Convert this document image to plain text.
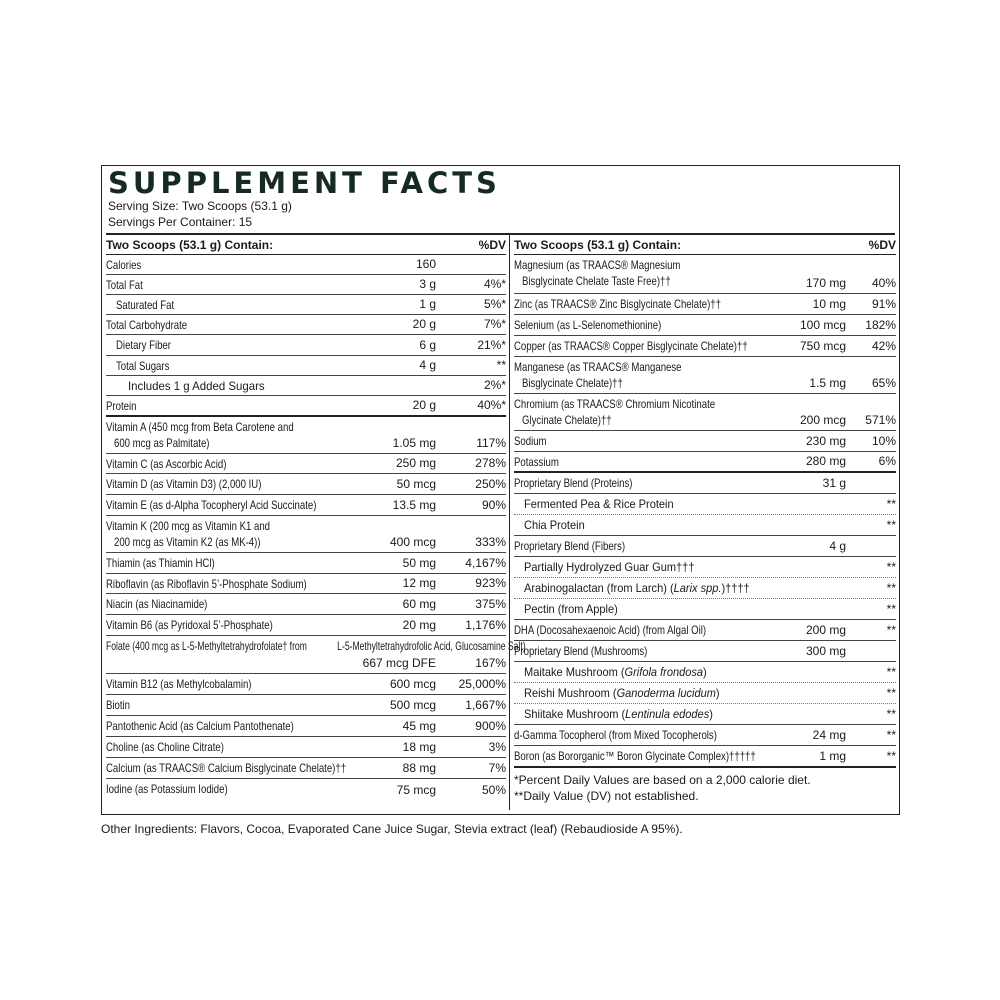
SUPPLEMENT FACTS
Serving Size: Two Scoops (53.1 g)
Servings Per Container: 15
Two Scoops (53.1 g) Contain:	%DV
Calories	160
Total Fat	3 g	4%*
Saturated Fat	1 g	5%*
Total Carbohydrate	20 g	7%*
Dietary Fiber	6 g	21%*
Total Sugars	4 g	**
Includes 1 g Added Sugars	2%*
Protein	20 g	40%*
Vitamin A (450 mcg from Beta Carotene and
600 mcg as Palmitate)	1.05 mg	117%
Vitamin C (as Ascorbic Acid)	250 mg	278%
Vitamin D (as Vitamin D3) (2,000 IU)	50 mcg	250%
Vitamin E (as d-Alpha Tocopheryl Acid Succinate)	13.5 mg	90%
Vitamin K (200 mcg as Vitamin K1 and
200 mcg as Vitamin K2 (as MK-4))	400 mcg	333%
Thiamin (as Thiamin HCl)	50 mg 4,167%
Riboflavin (as Riboflavin 5’-Phosphate Sodium)	12 mg	923%
Niacin (as Niacinamide)	60 mg	375%
Vitamin B6 (as Pyridoxal 5’-Phosphate)	20 mg 1,176%
Folate (400 mcg as L-5-Methyltetrahydrofolate† from	L-5-Methyltetrahydrofolic Acid, Glucosamine Salt)
667 mcg DFE	167%
Vitamin B12 (as Methylcobalamin)	600 mcg 25,000%
Biotin	500 mcg 1,667%
Pantothenic Acid (as Calcium Pantothenate)	45 mg	900%
Choline (as Choline Citrate)	18 mg	3%
Calcium (as TRAACS® Calcium Bisglycinate Chelate)††	88 mg	7%
Iodine (as Potassium Iodide)	75 mcg	50%
Two Scoops (53.1 g) Contain:	%DV
Magnesium (as TRAACS® Magnesium
Bisglycinate Chelate Taste Free)††	170 mg 40%
Zinc (as TRAACS® Zinc Bisglycinate Chelate)††	10 mg 91%
Selenium (as L-Selenomethionine)	100 mcg 182%
Copper (as TRAACS® Copper Bisglycinate Chelate)††	750 mcg 42%
Manganese (as TRAACS® Manganese
Bisglycinate Chelate)††	1.5 mg 65%
Chromium (as TRAACS® Chromium Nicotinate
Glycinate Chelate)††	200 mcg 571%
Sodium	230 mg 10%
Potassium	280 mg	6%
Proprietary Blend (Proteins)	31 g
Fermented Pea & Rice Protein	**
Chia Protein	**
Proprietary Blend (Fibers)	4 g
Partially Hydrolyzed Guar Gum†††	**
Arabinogalactan (from Larch) (Larix spp.)††††	**
Pectin (from Apple)	**
DHA (Docosahexaenoic Acid) (from Algal Oil)	200 mg	**
Proprietary Blend (Mushrooms)	300 mg
Maitake Mushroom (Grifola frondosa)	**
Reishi Mushroom (Ganoderma lucidum)	**
Shiitake Mushroom (Lentinula edodes)	**
d-Gamma Tocopherol (from Mixed Tocopherols)	24 mg	**
Boron (as Bororganic™ Boron Glycinate Complex)†††††	1 mg	**
*Percent Daily Values are based on a 2,000 calorie diet.
**Daily Value (DV) not established.
Other Ingredients: Flavors, Cocoa, Evaporated Cane Juice Sugar, Stevia extract (leaf) (Rebaudioside A 95%).
